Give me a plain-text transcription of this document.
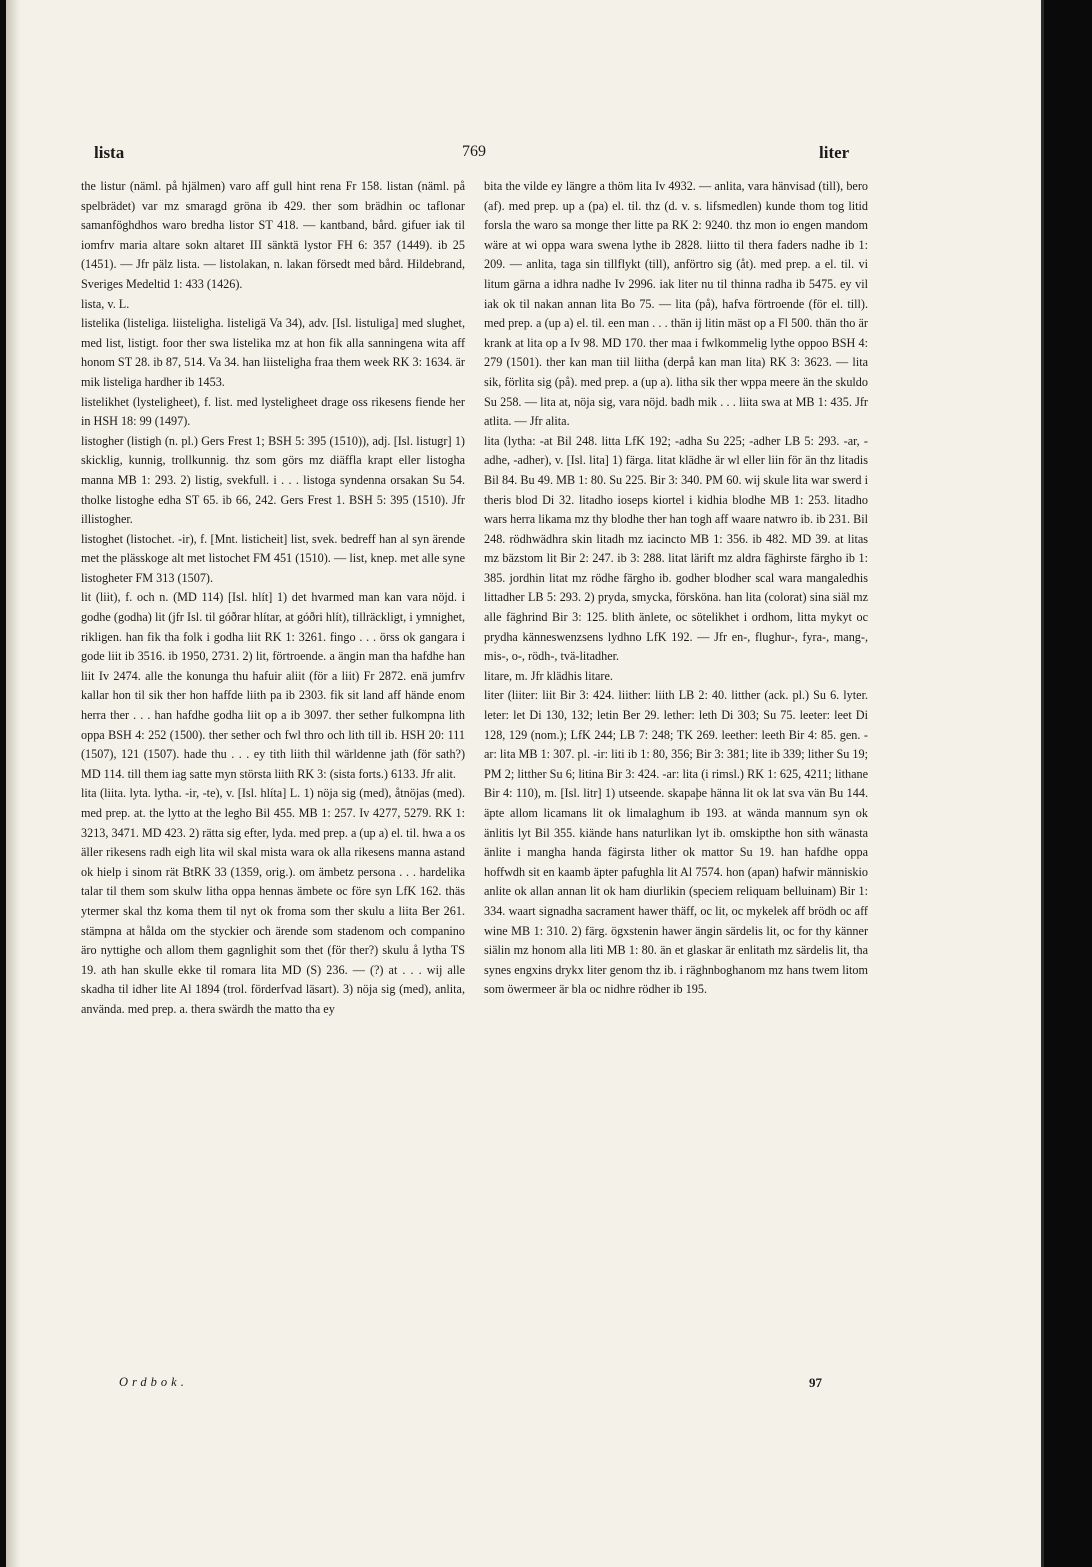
lista	769	liter

the listur (näml. på hjälmen) varo aff gull hint rena Fr 158. listan (näml. på spelbrädet) var mz smaragd gröna ib 429. ther som brädhin oc taflonar samanföghdhos waro bredha listor ST 418. — kantband, bård. gifuer iak til iomfrv maria altare sokn altaret III sänktä lystor FH 6: 357 (1449). ib 25 (1451). — Jfr pälz lista. — listolakan, n. lakan försedt med bård. Hildebrand, Sveriges Medeltid 1: 433 (1426).

lista, v. L.

listelika (listeliga. liisteligha. listeligä Va 34), adv. [Isl. listuliga] med slughet, med list, listigt. foor ther swa listelika mz at hon fik alla sanningena wita aff honom ST 28. ib 87, 514. Va 34. han liisteligha fraa them week RK 3: 1634. är mik listeliga hardher ib 1453.

listelikhet (lysteligheet), f. list. med lysteligheet drage oss rikesens fiende her in HSH 18: 99 (1497).

listogher (listigh (n. pl.) Gers Frest 1; BSH 5: 395 (1510)), adj. [Isl. listugr] 1) skicklig, kunnig, trollkunnig. thz som görs mz diäffla krapt eller listogha manna MB 1: 293. 2) listig, svekfull. i . . . listoga syndenna orsakan Su 54. tholke listoghe edha ST 65. ib 66, 242. Gers Frest 1. BSH 5: 395 (1510). Jfr illistogher.

listoghet (listochet. -ir), f. [Mnt. listicheit] list, svek. bedreff han al syn ärende met the plässkoge alt met listochet FM 451 (1510). — list, knep. met alle syne listogheter FM 313 (1507).

lit (liit), f. och n. (MD 114) [Isl. hlít] 1) det hvarmed man kan vara nöjd. i godhe (godha) lit (jfr Isl. til góðrar hlítar, at góðri hlít), tillräckligt, i ymnighet, rikligen. han fik tha folk i godha liit RK 1: 3261. fingo . . . örss ok gangara i gode liit ib 3516. ib 1950, 2731. 2) lit, förtroende. a ängin man tha hafdhe han liit Iv 2474. alle the konunga thu hafuir aliit (för a liit) Fr 2872. enä jumfrv kallar hon til sik ther hon haffde liith pa ib 2303. fik sit land aff hände enom herra ther . . . han hafdhe godha liit op a ib 3097. ther sether fulkompna lith oppa BSH 4: 252 (1500). ther sether och fwl thro och lith till ib. HSH 20: 111 (1507), 121 (1507). hade thu . . . ey tith liith thil wärldenne jath (för sath?) MD 114. till them iag satte myn största liith RK 3: (sista forts.) 6133. Jfr alit.

lita (liita. lyta. lytha. -ir, -te), v. [Isl. hlíta] L. 1) nöja sig (med), åtnöjas (med). med prep. at. the lytto at the legho Bil 455. MB 1: 257. Iv 4277, 5279. RK 1: 3213, 3471. MD 423. 2) rätta sig efter, lyda. med prep. a (up a) el. til. hwa a os äller rikesens radh eigh lita wil skal mista wara ok alla rikesens manna astand ok hielp i sinom rät BtRK 33 (1359, orig.). om ämbetz persona . . . hardelika talar til them som skulw litha oppa hennas ämbete oc före syn LfK 162. thäs ytermer skal thz koma them til nyt ok froma som ther skulu a liita Ber 261. stämpna at hålda om the styckier och ärende som stadenom och companino äro nyttighe och allom them gagnlighit som thet (för ther?) skulu å lytha TS 19. ath han skulle ekke til romara lita MD (S) 236. — (?) at . . . wij alle skadha til idher lite Al 1894 (trol. förderfvad läsart). 3) nöja sig (med), anlita, använda. med prep. a. thera swärdh the matto tha ey

bita the vilde ey längre a thöm lita Iv 4932. — anlita, vara hänvisad (till), bero (af). med prep. up a (pa) el. til. thz (d. v. s. lifsmedlen) kunde thom tog litid forsla the waro sa monge ther litte pa RK 2: 9240. thz mon io engen mandom wäre at wi oppa wara swena lythe ib 2828. liitto til thera faders nadhe ib 1: 209. — anlita, taga sin tillflykt (till), anförtro sig (åt). med prep. a el. til. vi litum gärna a idhra nadhe Iv 2996. iak liter nu til thinna radha ib 5475. ey vil iak ok til nakan annan lita Bo 75. — lita (på), hafva förtroende (för el. till). med prep. a (up a) el. til. een man . . . thän ij litin mäst op a Fl 500. thän tho är krank at lita op a Iv 98. MD 170. ther maa i fwlkommelig lythe oppoo BSH 4: 279 (1501). ther kan man tiil liitha (derpå kan man lita) RK 3: 3623. — lita sik, förlita sig (på). med prep. a (up a). litha sik ther wppa meere än the skuldo Su 258. — lita at, nöja sig, vara nöjd. badh mik . . . liita swa at MB 1: 435. Jfr atlita. — Jfr alita.

lita (lytha: -at Bil 248. litta LfK 192; -adha Su 225; -adher LB 5: 293. -ar, -adhe, -adher), v. [Isl. lita] 1) färga. litat klädhe är wl eller liin för än thz litadis Bil 84. Bu 49. MB 1: 80. Su 225. Bir 3: 340. PM 60. wij skule lita war swerd i theris blod Di 32. litadho ioseps kiortel i kidhia blodhe MB 1: 253. litadho wars herra likama mz thy blodhe ther han togh aff waare natwro ib. ib 231. Bil 248. rödhwädhra skin litadh mz iacincto MB 1: 356. ib 482. MD 39. at litas mz bäzstom lit Bir 2: 247. ib 3: 288. litat lärift mz aldra fäghirste färgho ib 1: 385. jordhin litat mz rödhe färgho ib. godher blodher scal wara mangaledhis littadher LB 5: 293. 2) pryda, smycka, försköna. han lita (colorat) sina siäl mz alle fäghrind Bir 3: 125. blith änlete, oc sötelikhet i ordhom, litta mykyt oc prydha känneswenzsens lydhno LfK 192. — Jfr en-, flughur-, fyra-, mang-, mis-, o-, rödh-, tvä-litadher.

litare, m. Jfr klädhis litare.

liter (liiter: liit Bir 3: 424. liither: liith LB 2: 40. litther (ack. pl.) Su 6. lyter. leter: let Di 130, 132; letin Ber 29. lether: leth Di 303; Su 75. leeter: leet Di 128, 129 (nom.); LfK 244; LB 7: 248; TK 269. leether: leeth Bir 4: 85. gen. -ar: lita MB 1: 307. pl. -ir: liti ib 1: 80, 356; Bir 3: 381; lite ib 339; lither Su 19; PM 2; litther Su 6; litina Bir 3: 424. -ar: lita (i rimsl.) RK 1: 625, 4211; lithane Bir 4: 110), m. [Isl. litr] 1) utseende. skapaþe hänna lit ok lat sva vän Bu 144. äpte allom licamans lit ok limalaghum ib 193. at wända mannum syn ok änlitis lyt Bil 355. kiände hans naturlikan lyt ib. omskipthe hon sith wänasta änlite i mangha handa fägirsta lither ok mattor Su 19. han hafdhe oppa hoffwdh sit en kaamb äpter pafughla lit Al 7574. hon (apan) hafwir människio anlite ok allan annan lit ok ham diurlikin (speciem reliquam belluinam) Bir 1: 334. waart signadha sacrament hawer thäff, oc lit, oc mykelek aff brödh oc aff wine MB 1: 310. 2) färg. ögxstenin hawer ängin särdelis lit, oc for thy känner siälin mz honom alla liti MB 1: 80. än et glaskar är enlitath mz särdelis lit, tha synes engxins drykx liter genom thz ib. i räghnboghanom mz hans twem litom som öwermeer är bla oc nidhre rödher ib 195.

Ordbok.	97
